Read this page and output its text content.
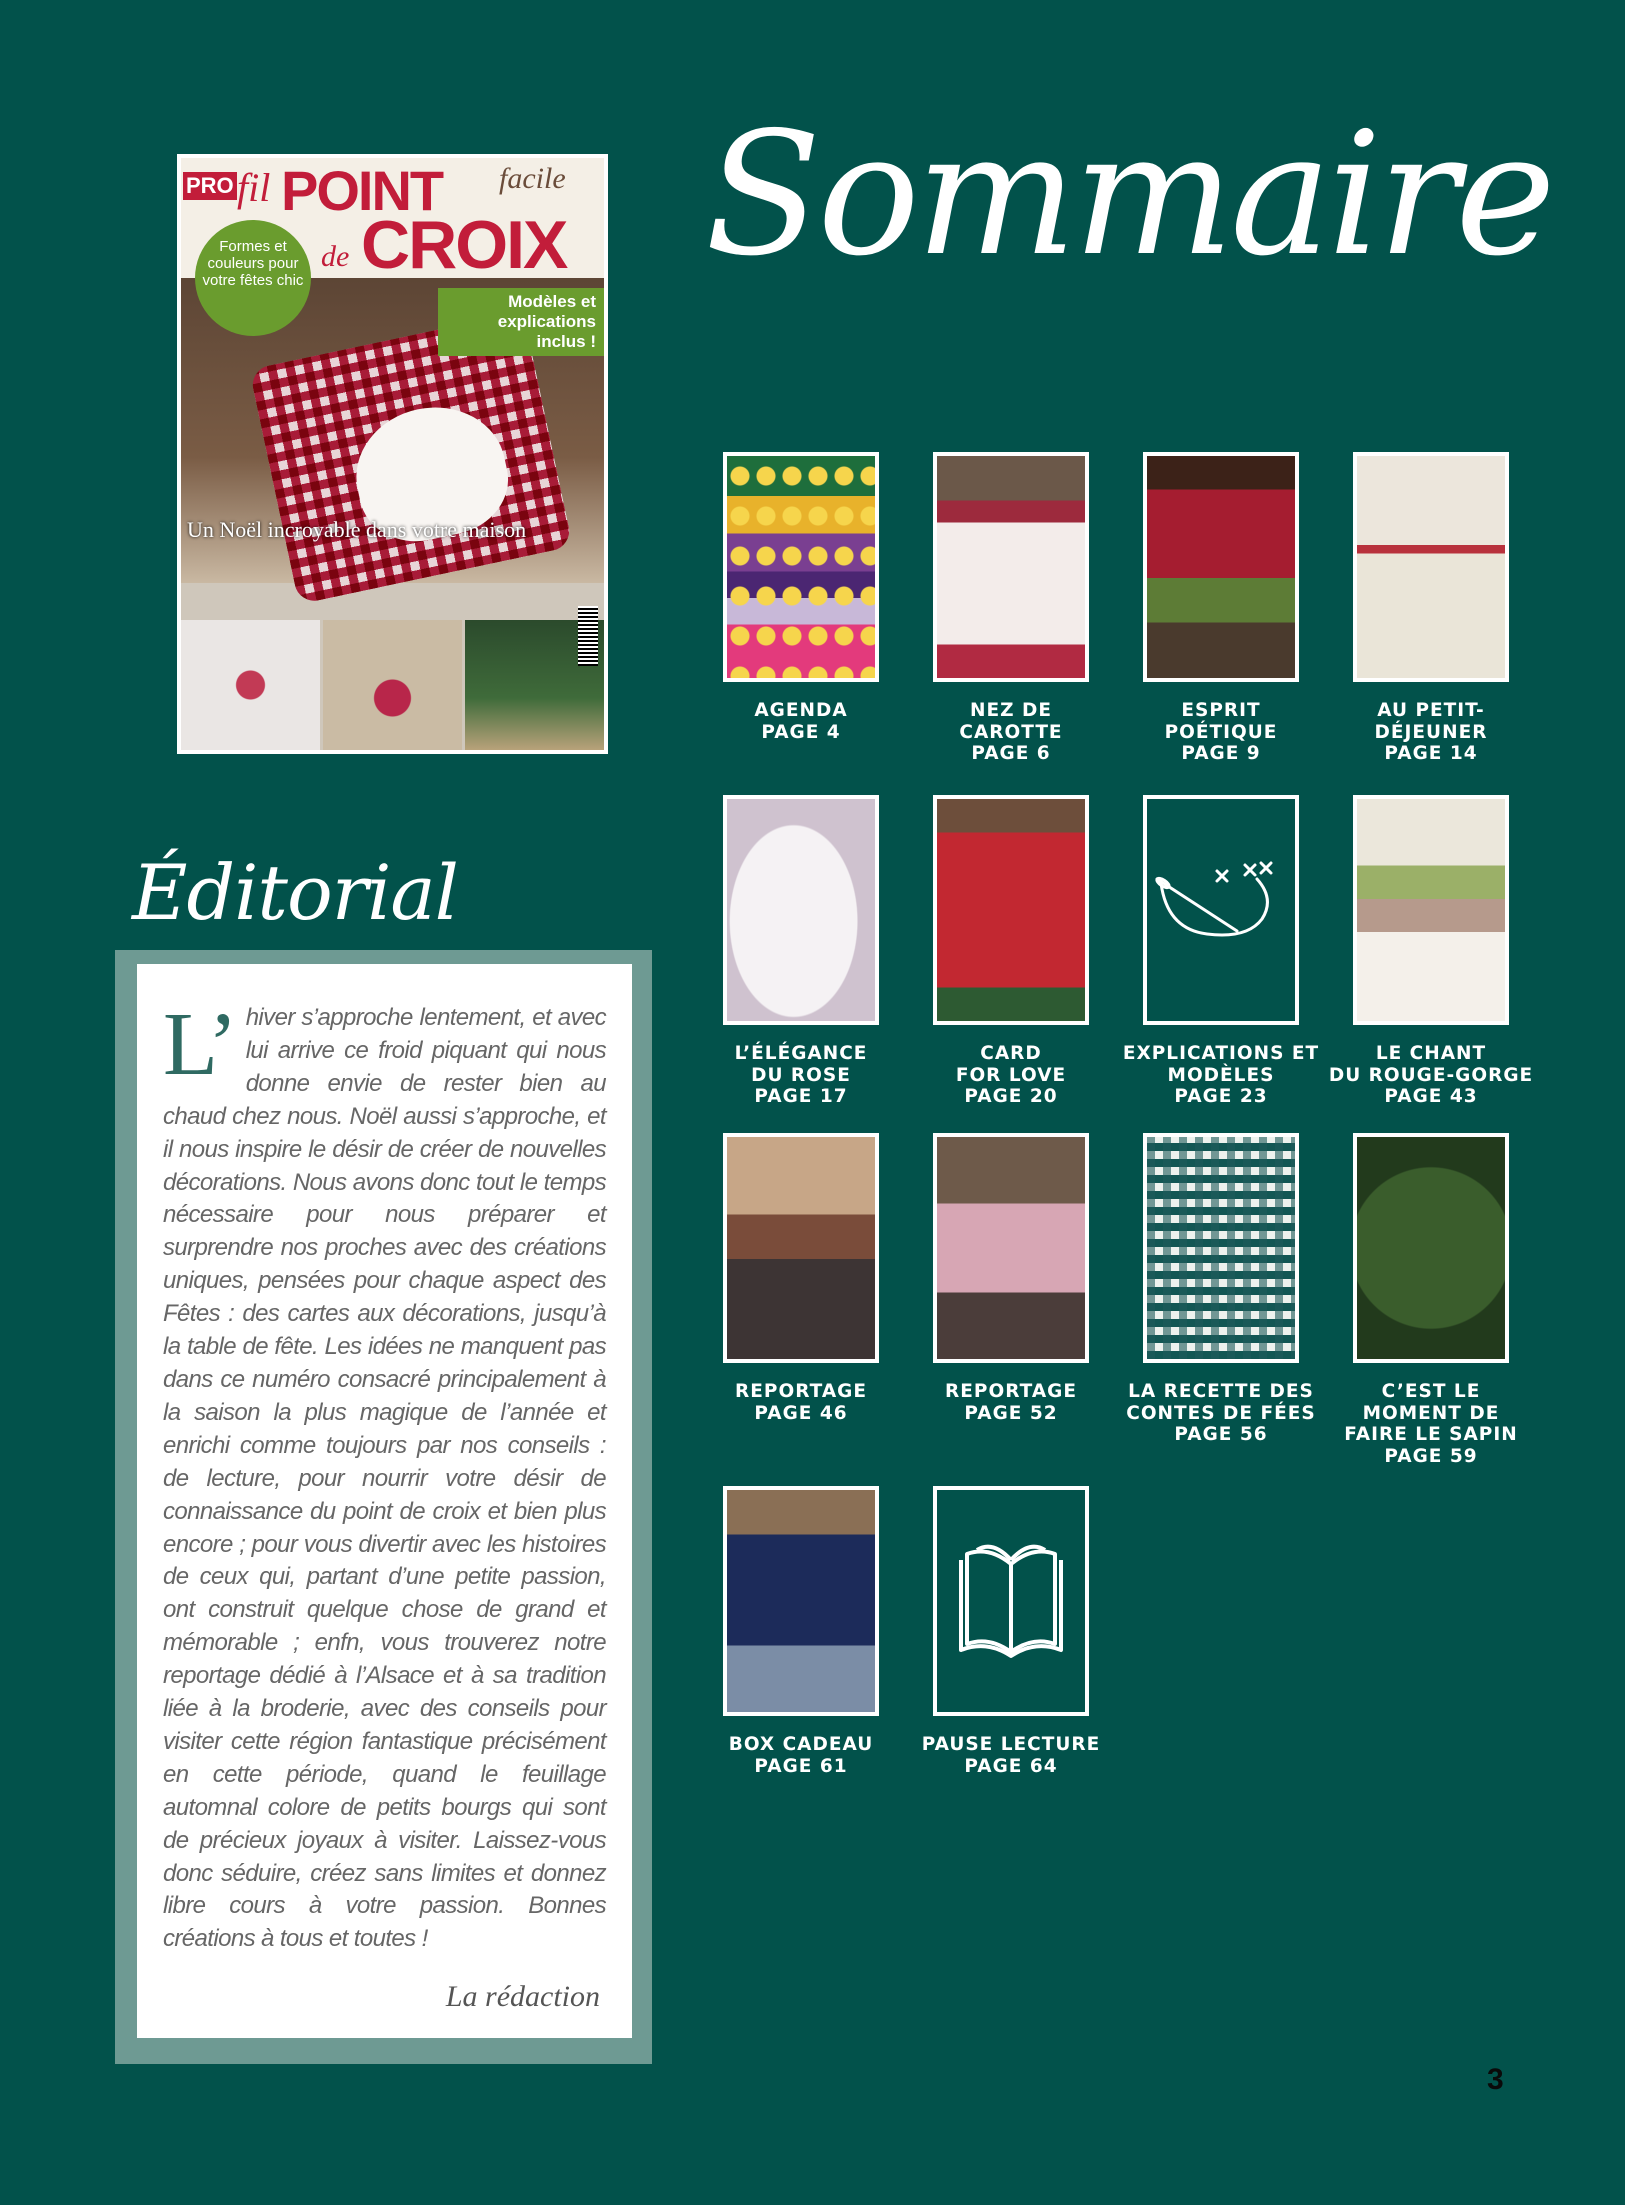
PRO fil POINT facile
de CROIX
Formes et couleurs pour votre fêtes chic
Modèles et explications inclus !
Un Noël incroyable dans votre maison
Sommaire
Éditorial
L’ hiver s’approche lentement, et avec lui arrive ce froid piquant qui nous donne envie de rester bien au chaud chez nous. Noël aussi s’approche, et il nous inspire le désir de créer de nouvelles décorations. Nous avons donc tout le temps nécessaire pour nous préparer et surprendre nos proches avec des créations uniques, pensées pour chaque aspect des Fêtes : des cartes aux décorations, jusqu’à la table de fête. Les idées ne manquent pas dans ce numéro consacré principalement à la saison la plus magique de l’année et enrichi comme toujours par nos conseils : de lecture, pour nourrir votre désir de connaissance du point de croix et bien plus encore ; pour vous divertir avec les histoires de ceux qui, partant d’une petite passion, ont construit quelque chose de grand et mémorable ; enfn, vous trouverez notre reportage dédié à l’Alsace et à sa tradition liée à la broderie, avec des conseils pour visiter cette région fantastique précisément en cette période, quand le feuillage automnal colore de petits bourgs qui sont de précieux joyaux à visiter. Laissez-vous donc séduire, créez sans limites et donnez libre cours à votre passion. Bonnes créations à tous et toutes !

La rédaction
AGENDA
PAGE 4
NEZ DE
CAROTTE
PAGE 6
ESPRIT
POÉTIQUE
PAGE 9
AU PETIT-
DÉJEUNER
PAGE 14
L’ÉLÉGANCE
DU ROSE
PAGE 17
CARD
FOR LOVE
PAGE 20
EXPLICATIONS ET
MODÈLES
PAGE 23
LE CHANT
DU ROUGE-GORGE
PAGE 43
REPORTAGE
PAGE 46
REPORTAGE
PAGE 52
LA RECETTE DES
CONTES DE FÉES
PAGE 56
C’EST LE
MOMENT DE
FAIRE LE SAPIN
PAGE 59
BOX CADEAU
PAGE 61
PAUSE LECTURE
PAGE 64
3
